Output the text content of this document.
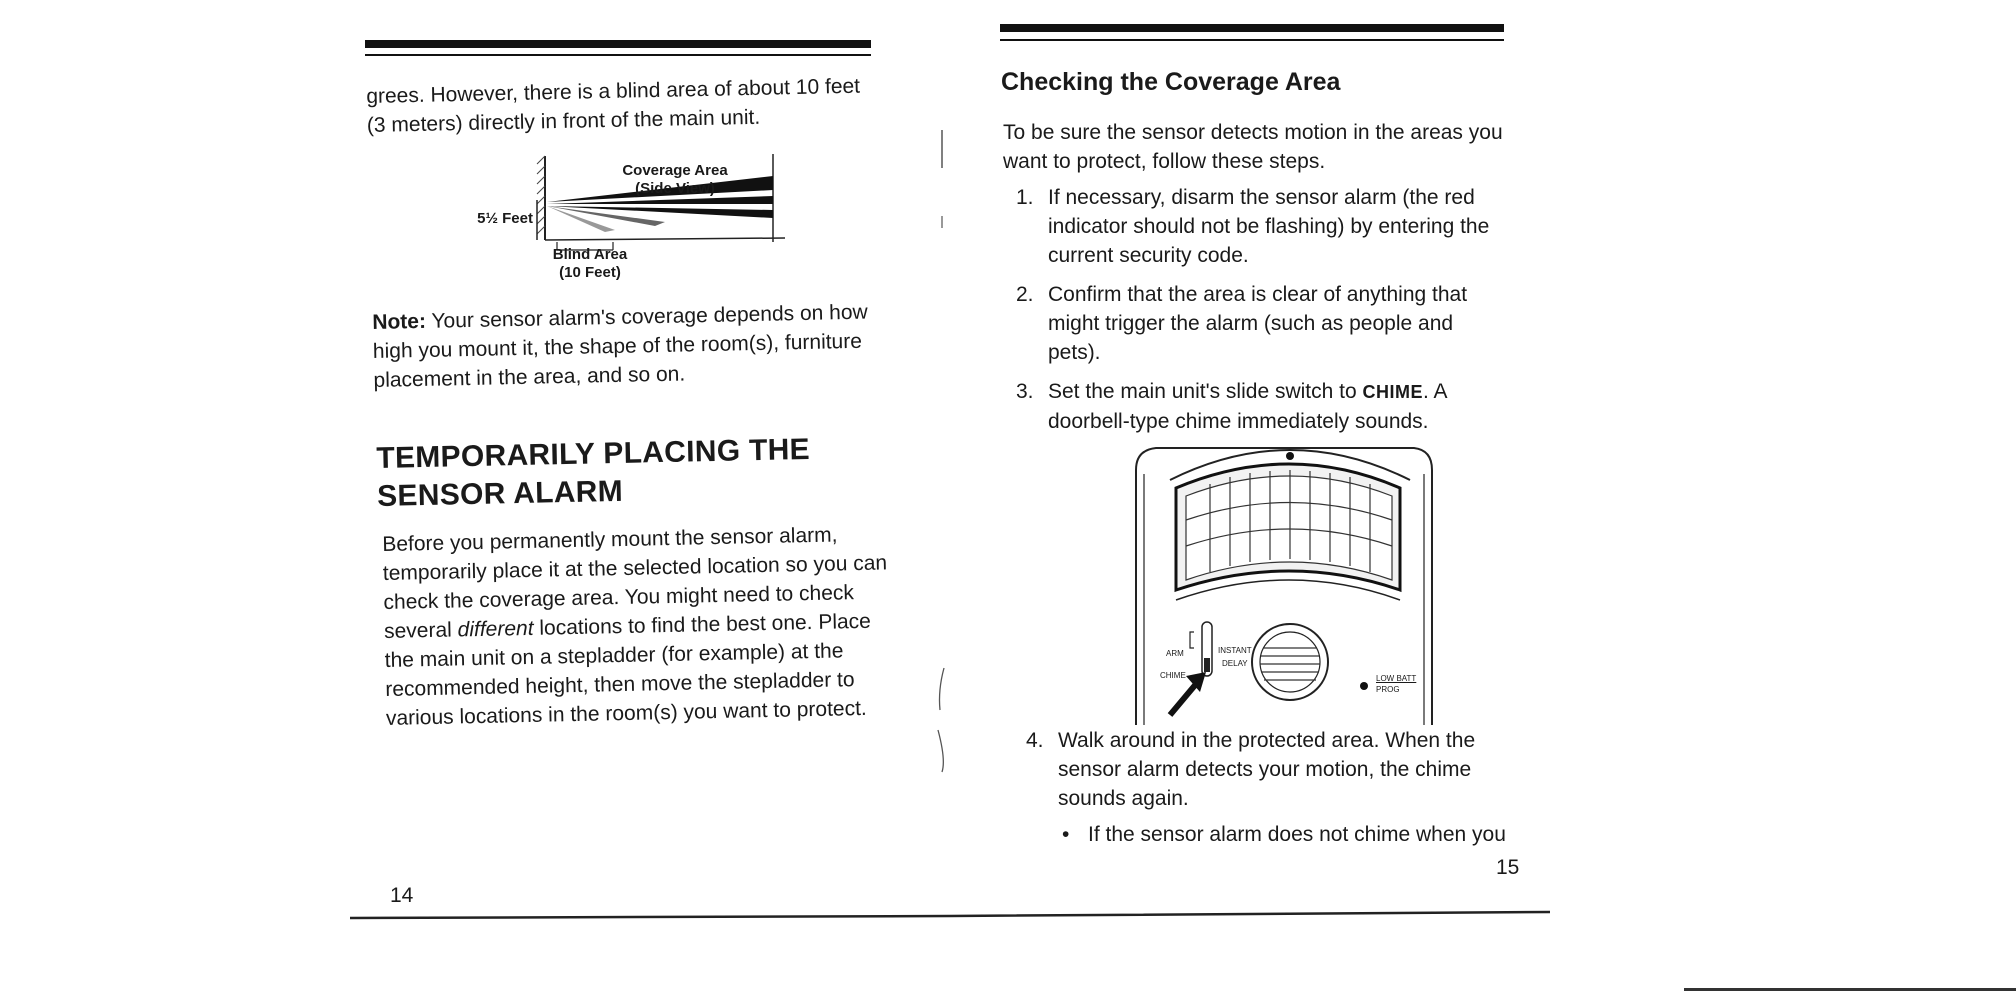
grees. However, there is a blind area of about 10 feet (3 meters) directly in front of the main unit.
Coverage Area
(Side View)
5½ Feet
Blind Area
(10 Feet)
Note: Your sensor alarm's coverage depends on how high you mount it, the shape of the room(s), furniture placement in the area, and so on.
TEMPORARILY PLACING THE
SENSOR ALARM
Before you permanently mount the sensor alarm, temporarily place it at the selected location so you can check the coverage area. You might need to check several different locations to find the best one. Place the main unit on a stepladder (for example) at the recommended height, then move the stepladder to various locations in the room(s) you want to protect.
14
Checking the Coverage Area
To be sure the sensor detects motion in the areas you want to protect, follow these steps.
1. If necessary, disarm the sensor alarm (the red indicator should not be flashing) by entering the current security code.
2. Confirm that the area is clear of anything that might trigger the alarm (such as people and pets).
3. Set the main unit's slide switch to CHIME. A doorbell-type chime immediately sounds.
ARM
CHIME
INSTANT
DELAY
LOW BATT
PROG
4. Walk around in the protected area. When the sensor alarm detects your motion, the chime sounds again.
• If the sensor alarm does not chime when you
15
